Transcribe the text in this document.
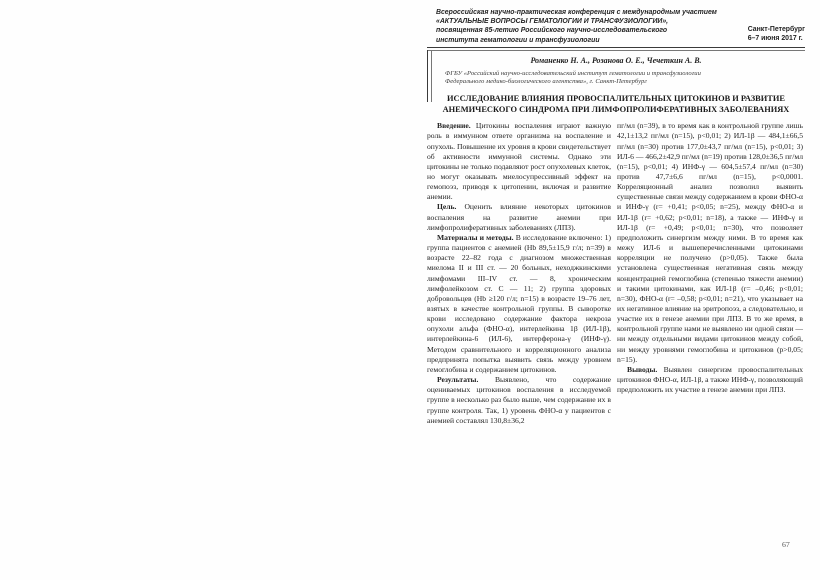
Всероссийская научно-практическая конференция с международным участием
«АКТУАЛЬНЫЕ ВОПРОСЫ ГЕМАТОЛОГИИ И ТРАНСФУЗИОЛОГИИ»,
посвященная 85-летию Российского научно-исследовательского
института гематологии и трансфузиологии
Санкт-Петербург
6–7 июня 2017 г.
Романенко Н. А., Розанова О. Е., Чечеткин А. В.
ФГБУ «Российский научно-исследовательский институт гематологии и трансфузиологии
Федерального медико-биологического агентства», г. Санкт-Петербург
ИССЛЕДОВАНИЕ ВЛИЯНИЯ ПРОВОСПАЛИТЕЛЬНЫХ ЦИТОКИНОВ И РАЗВИТИЕ
АНЕМИЧЕСКОГО СИНДРОМА ПРИ ЛИМФОПРОЛИФЕРАТИВНЫХ ЗАБОЛЕВАНИЯХ

Введение. Цитокины воспаления играют важную роль в иммунном ответе организма на воспаление и опухоль. Повышение их уровня в крови свидетельствует об активности иммунной системы. Однако эти цитокины не только подавляют рост опухолевых клеток, но могут оказывать миелосупрессивный эффект на гемопоэз, приводя к цитопении, включая и развитие анемии.

Цель. Оценить влияние некоторых цитокинов воспаления на развитие анемии при лимфопролиферативных заболеваниях (ЛПЗ).

Материалы и методы. В исследование включено: 1) группа пациентов с анемией (Hb 89,5±15,9 г/л; n=39) в возрасте 22–82 года с диагнозом множественная миелома II и III ст. — 20 больных, неходжкинскими лимфомами III–IV ст. — 8, хроническим лимфолейкозом ст. С — 11; 2) группа здоровых добровольцев (Hb ≥120 г/л; n=15) в возрасте 19–76 лет, взятых в качестве контрольной группы. В сыворотке крови исследовано содержание фактора некроза опухоли альфа (ФНО-α), интерлейкина 1β (ИЛ-1β), интерлейкина-6 (ИЛ-6), интерферона-γ (ИНФ-γ). Методом сравнительного и корреляционного анализа предпринята попытка выявить связь между уровнем гемоглобина и содержанием цитокинов.

Результаты. Выявлено, что содержание оцениваемых цитокинов воспаления в исследуемой группе в несколько раз было выше, чем содержание их в группе контроля. Так, 1) уровень ФНО-α у пациентов с анемией составлял 130,8±36,2

пг/мл (n=39), в то время как в контрольной группе лишь 42,1±13,2 пг/мл (n=15), р<0,01; 2) ИЛ-1β — 484,1±66,5 пг/мл (n=30) против 177,0±43,7 пг/мл (n=15), р<0,01; 3) ИЛ-6 — 466,2±42,9 пг/мл (n=19) против 128,0±36,5 пг/мл (n=15), р<0,01; 4) ИНФ-γ — 604,5±57,4 пг/мл (n=30) против 47,7±6,6 пг/мл (n=15), р<0,0001. Корреляционный анализ позволил выявить существенные связи между содержанием в крови ФНО-α и ИНФ-γ (r= +0,41; р<0,05; n=25), между ФНО-α и ИЛ-1β (r= +0,62; р<0,01; n=18), а также — ИНФ-γ и ИЛ-1β (r= +0,49; р<0,01; n=30), что позволяет предположить синергизм между ними. В то время как межу ИЛ-6 и вышеперечисленными цитокинами корреляции не получено (р>0,05). Также была установлена существенная негативная связь между концентрацией гемоглобина (степенью тяжести анемии) и такими цитокинами, как ИЛ-1β (r= –0,46; р<0,01; n=30), ФНО-α (r= –0,58; р<0,01; n=21), что указывает на их негативное влияние на эритропоэз, а следовательно, и участие их в генезе анемии при ЛПЗ. В то же время, в контрольной группе нами не выявлено ни одной связи — ни между отдельными видами цитокинов между собой, ни между уровнями гемоглобина и цитокинов (р>0,05; n=15).

Выводы. Выявлен синергизм провоспалительных цитокинов ФНО-α, ИЛ-1β, а также ИНФ-γ, позволяющий предположить их участие в генезе анемии при ЛПЗ.

67
